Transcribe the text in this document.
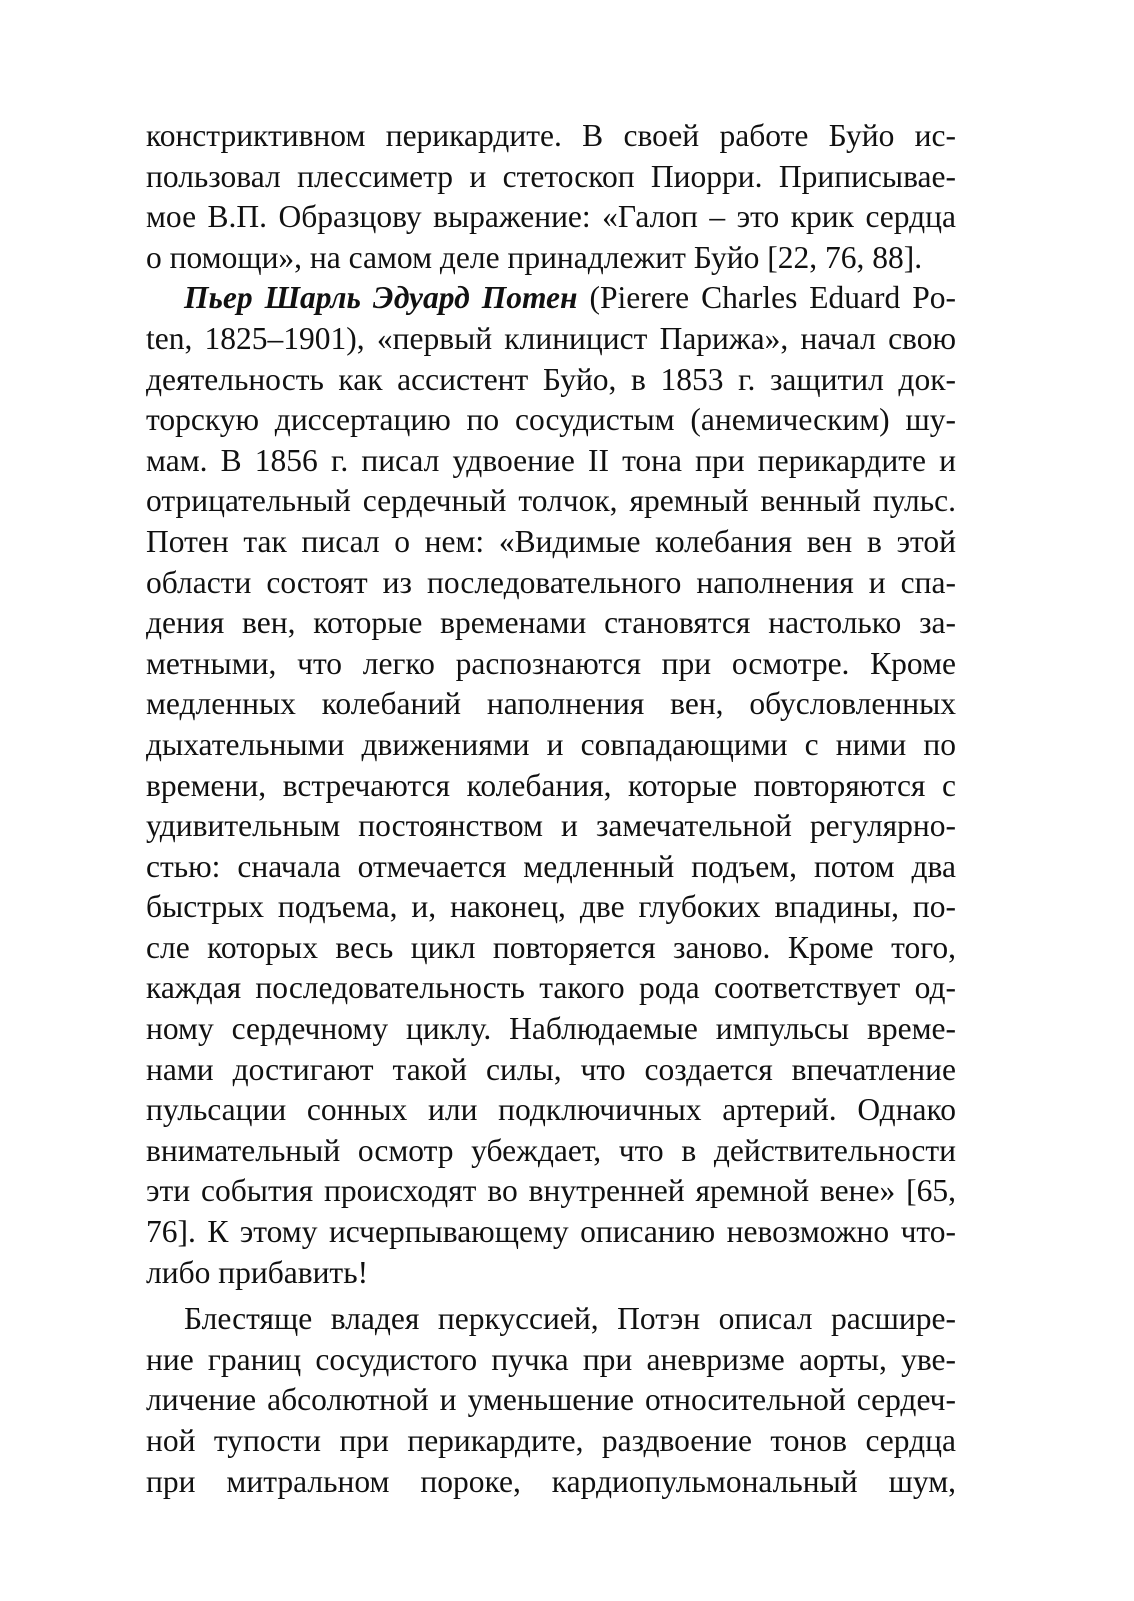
констриктивном перикардите. В своей работе Буйо ис-
пользовал плессиметр и стетоскоп Пиорри. Приписывае-
мое В.П. Образцову выражение: «Галоп – это крик сердца
о помощи», на самом деле принадлежит Буйо [22, 76, 88].
Пьер Шарль Эдуард Потен (Pierere Charles Eduard Po-
ten, 1825–1901), «первый клиницист Парижа», начал свою
деятельность как ассистент Буйо, в 1853 г. защитил док-
торскую диссертацию по сосудистым (анемическим) шу-
мам. В 1856 г. писал удвоение II тона при перикардите и
отрицательный сердечный толчок, яремный венный пульс.
Потен так писал о нем: «Видимые колебания вен в этой
области состоят из последовательного наполнения и спа-
дения вен, которые временами становятся настолько за-
метными, что легко распознаются при осмотре. Кроме
медленных колебаний наполнения вен, обусловленных
дыхательными движениями и совпадающими с ними по
времени, встречаются колебания, которые повторяются с
удивительным постоянством и замечательной регулярно-
стью: сначала отмечается медленный подъем, потом два
быстрых подъема, и, наконец, две глубоких впадины, по-
сле которых весь цикл повторяется заново. Кроме того,
каждая последовательность такого рода соответствует од-
ному сердечному циклу. Наблюдаемые импульсы време-
нами достигают такой силы, что создается впечатление
пульсации сонных или подключичных артерий. Однако
внимательный осмотр убеждает, что в действительности
эти события происходят во внутренней яремной вене» [65,
76]. К этому исчерпывающему описанию невозможно что-
либо прибавить!
Блестяще владея перкуссией, Потэн описал расшире-
ние границ сосудистого пучка при аневризме аорты, уве-
личение абсолютной и уменьшение относительной сердеч-
ной тупости при перикардите, раздвоение тонов сердца
при митральном пороке, кардиопульмональный шум,
